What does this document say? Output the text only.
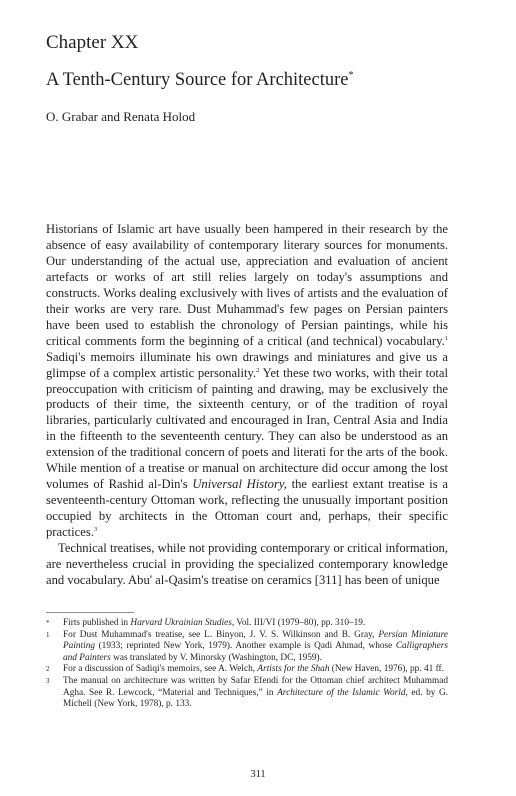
Chapter XX
A Tenth-Century Source for Architecture*
O. Grabar and Renata Holod

Historians of Islamic art have usually been hampered in their research by the absence of easy availability of contemporary literary sources for monuments. Our understanding of the actual use, appreciation and evaluation of ancient artefacts or works of art still relies largely on today's assumptions and constructs. Works dealing exclusively with lives of artists and the evaluation of their works are very rare. Dust Muhammad's few pages on Persian painters have been used to establish the chronology of Persian paintings, while his critical comments form the beginning of a critical (and technical) vocabulary.$^1$ Sadiqi's memoirs illuminate his own drawings and miniatures and give us a glimpse of a complex artistic personality.$^2$ Yet these two works, with their total preoccupation with criticism of painting and drawing, may be exclusively the products of their time, the sixteenth century, or of the tradition of royal libraries, particularly cultivated and encouraged in Iran, Central Asia and India in the fifteenth to the seventeenth century. They can also be understood as an extension of the traditional concern of poets and literati for the arts of the book. While mention of a treatise or manual on architecture did occur among the lost volumes of Rashid al-Din's Universal History, the earliest extant treatise is a seventeenth-century Ottoman work, reflecting the unusually important position occupied by architects in the Ottoman court and, perhaps, their specific practices.$^3$

Technical treatises, while not providing contemporary or critical information, are nevertheless crucial in providing the specialized contemporary knowledge and vocabulary. Abu' al-Qasim's treatise on ceramics [311] has been of unique

*	Firts published in Harvard Ukrainian Studies, Vol. III/VI (1979–80), pp. 310–19.
1	For Dust Muhammad's treatise, see L. Binyon, J. V. S. Wilkinson and B. Gray, Persian Miniature Painting (1933; reprinted New York, 1979). Another example is Qadi Ahmad, whose Calligraphers and Painters was translated by V. Minorsky (Washington, DC, 1959).
2	For a discussion of Sadiqi's memoirs, see A. Welch, Artists for the Shah (New Haven, 1976), pp. 41 ff.
3	The manual on architecture was written by Safar Efendi for the Ottoman chief architect Muhammad Agha. See R. Lewcock, “Material and Techniques,” in Architecture of the Islamic World, ed. by G. Michell (New York, 1978), p. 133.
311
